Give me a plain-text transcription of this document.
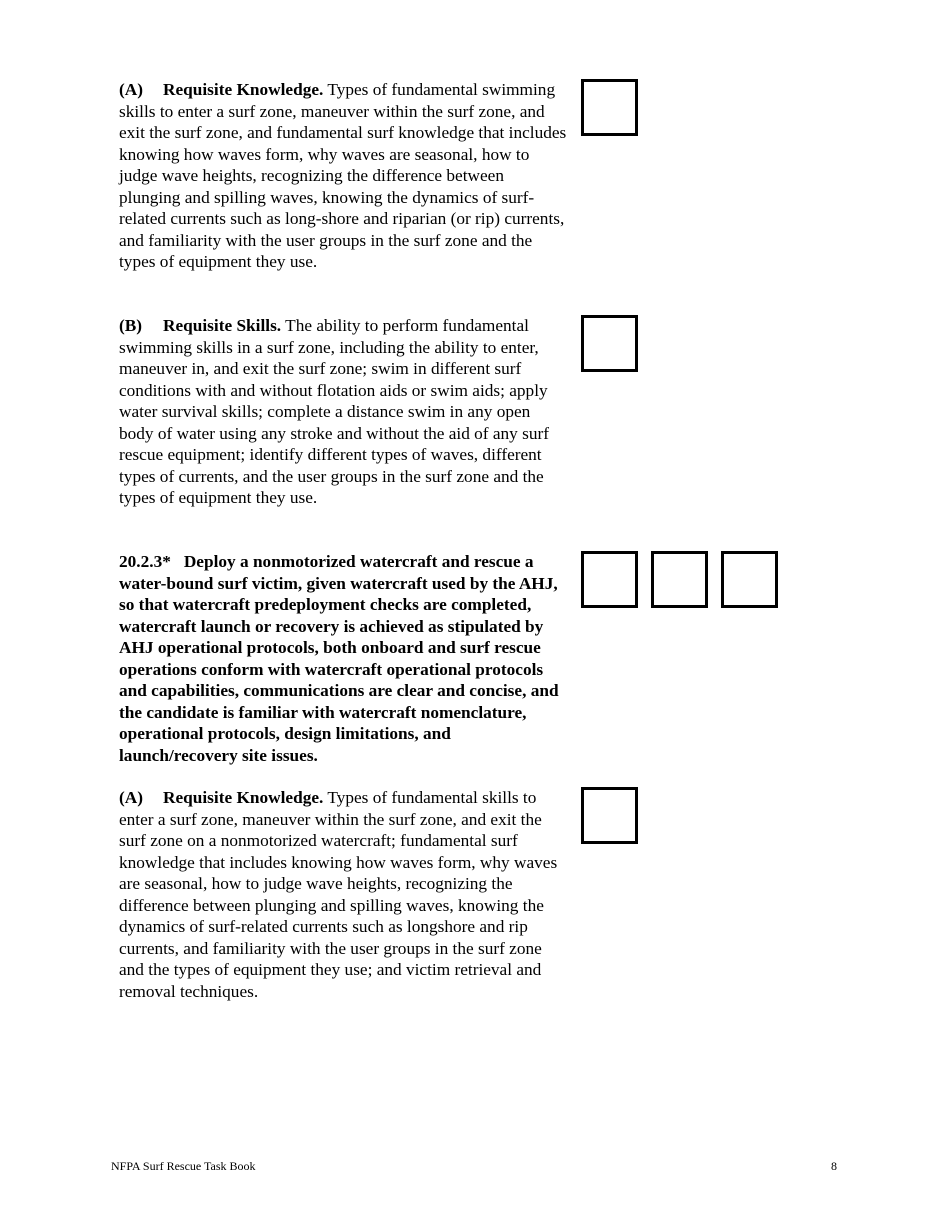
(A) Requisite Knowledge. Types of fundamental swimming skills to enter a surf zone, maneuver within the surf zone, and exit the surf zone, and fundamental surf knowledge that includes knowing how waves form, why waves are seasonal, how to judge wave heights, recognizing the difference between plunging and spilling waves, knowing the dynamics of surf-related currents such as long-shore and riparian (or rip) currents, and familiarity with the user groups in the surf zone and the types of equipment they use.

(B) Requisite Skills. The ability to perform fundamental swimming skills in a surf zone, including the ability to enter, maneuver in, and exit the surf zone; swim in different surf conditions with and without flotation aids or swim aids; apply water survival skills; complete a distance swim in any open body of water using any stroke and without the aid of any surf rescue equipment; identify different types of waves, different types of currents, and the user groups in the surf zone and the types of equipment they use.

20.2.3* Deploy a nonmotorized watercraft and rescue a water-bound surf victim, given watercraft used by the AHJ, so that watercraft predeployment checks are completed, watercraft launch or recovery is achieved as stipulated by AHJ operational protocols, both onboard and surf rescue operations conform with watercraft operational protocols and capabilities, communications are clear and concise, and the candidate is familiar with watercraft nomenclature, operational protocols, design limitations, and launch/recovery site issues.

(A) Requisite Knowledge. Types of fundamental skills to enter a surf zone, maneuver within the surf zone, and exit the surf zone on a nonmotorized watercraft; fundamental surf knowledge that includes knowing how waves form, why waves are seasonal, how to judge wave heights, recognizing the difference between plunging and spilling waves, knowing the dynamics of surf-related currents such as longshore and rip currents, and familiarity with the user groups in the surf zone and the types of equipment they use; and victim retrieval and removal techniques.

NFPA Surf Rescue Task Book	8
